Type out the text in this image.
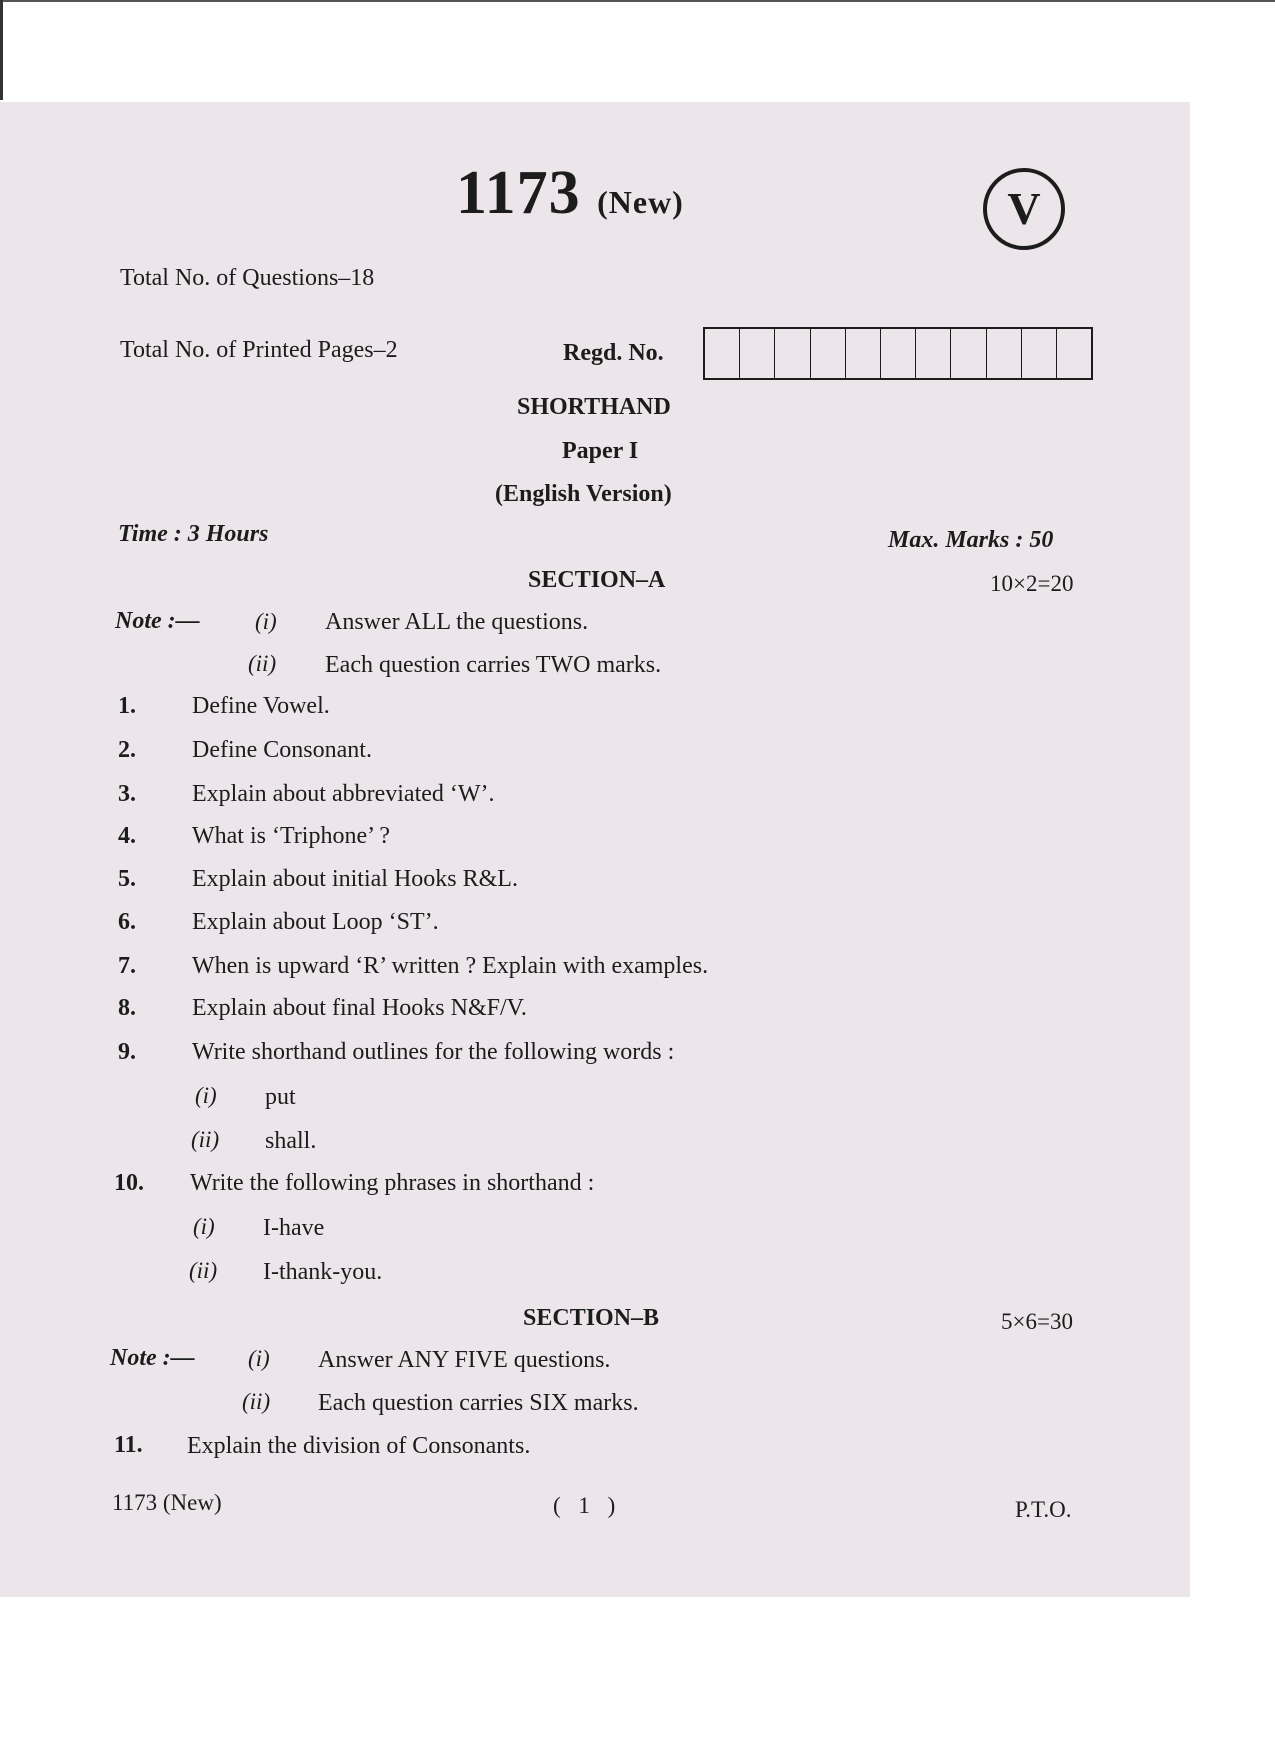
1173 (New)	V
Total No. of Questions–18
Total No. of Printed Pages–2	Regd. No.
SHORTHAND
Paper I
(English Version)
Time : 3 Hours	Max. Marks : 50
SECTION–A	10×2=20
Note :— (i) Answer ALL the questions.
(ii) Each question carries TWO marks.
1. Define Vowel.
2. Define Consonant.
3. Explain about abbreviated ‘W’.
4. What is ‘Triphone’ ?
5. Explain about initial Hooks R&L.
6. Explain about Loop ‘ST’.
7. When is upward ‘R’ written ? Explain with examples.
8. Explain about final Hooks N&F/V.
9. Write shorthand outlines for the following words :
(i) put
(ii) shall.
10. Write the following phrases in shorthand :
(i) I-have
(ii) I-thank-you.
SECTION–B	5×6=30
Note :— (i) Answer ANY FIVE questions.
(ii) Each question carries SIX marks.
11. Explain the division of Consonants.
1173 (New)	( 1 )	P.T.O.
